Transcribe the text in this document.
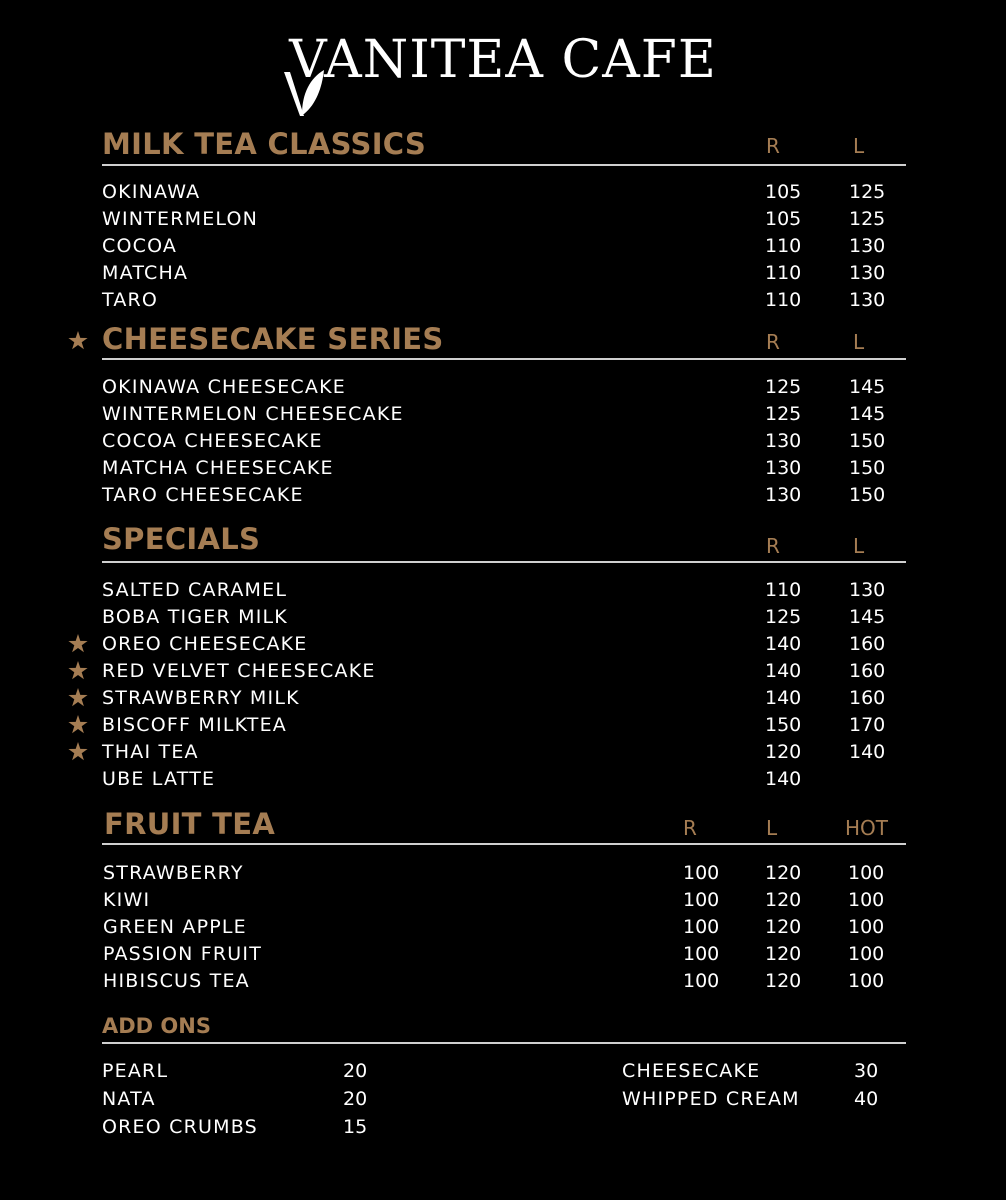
VANITEA CAFE
MILK TEA CLASSICS	R	L
OKINAWA	105	125
WINTERMELON	105	125
COCOA	110	130
MATCHA	110	130
TARO	110	130
CHEESECAKE SERIES	R	L
OKINAWA CHEESECAKE	125	145
WINTERMELON CHEESECAKE	125	145
COCOA CHEESECAKE	130	150
MATCHA CHEESECAKE	130	150
TARO CHEESECAKE	130	150
SPECIALS	R	L
SALTED CARAMEL	110	130
BOBA TIGER MILK	125	145
OREO CHEESECAKE	140	160
RED VELVET CHEESECAKE	140	160
STRAWBERRY MILK	140	160
BISCOFF MILKTEA	150	170
THAI TEA	120	140
UBE LATTE	140
FRUIT TEA	R	L	HOT
STRAWBERRY	100 120 100
KIWI	100 120 100
GREEN APPLE	100 120 100
PASSION FRUIT	100 120 100
HIBISCUS TEA	100 120 100
ADD ONS
PEARL	20
NATA	20
OREO CRUMBS	15
CHEESECAKE	30
WHIPPED CREAM	40
